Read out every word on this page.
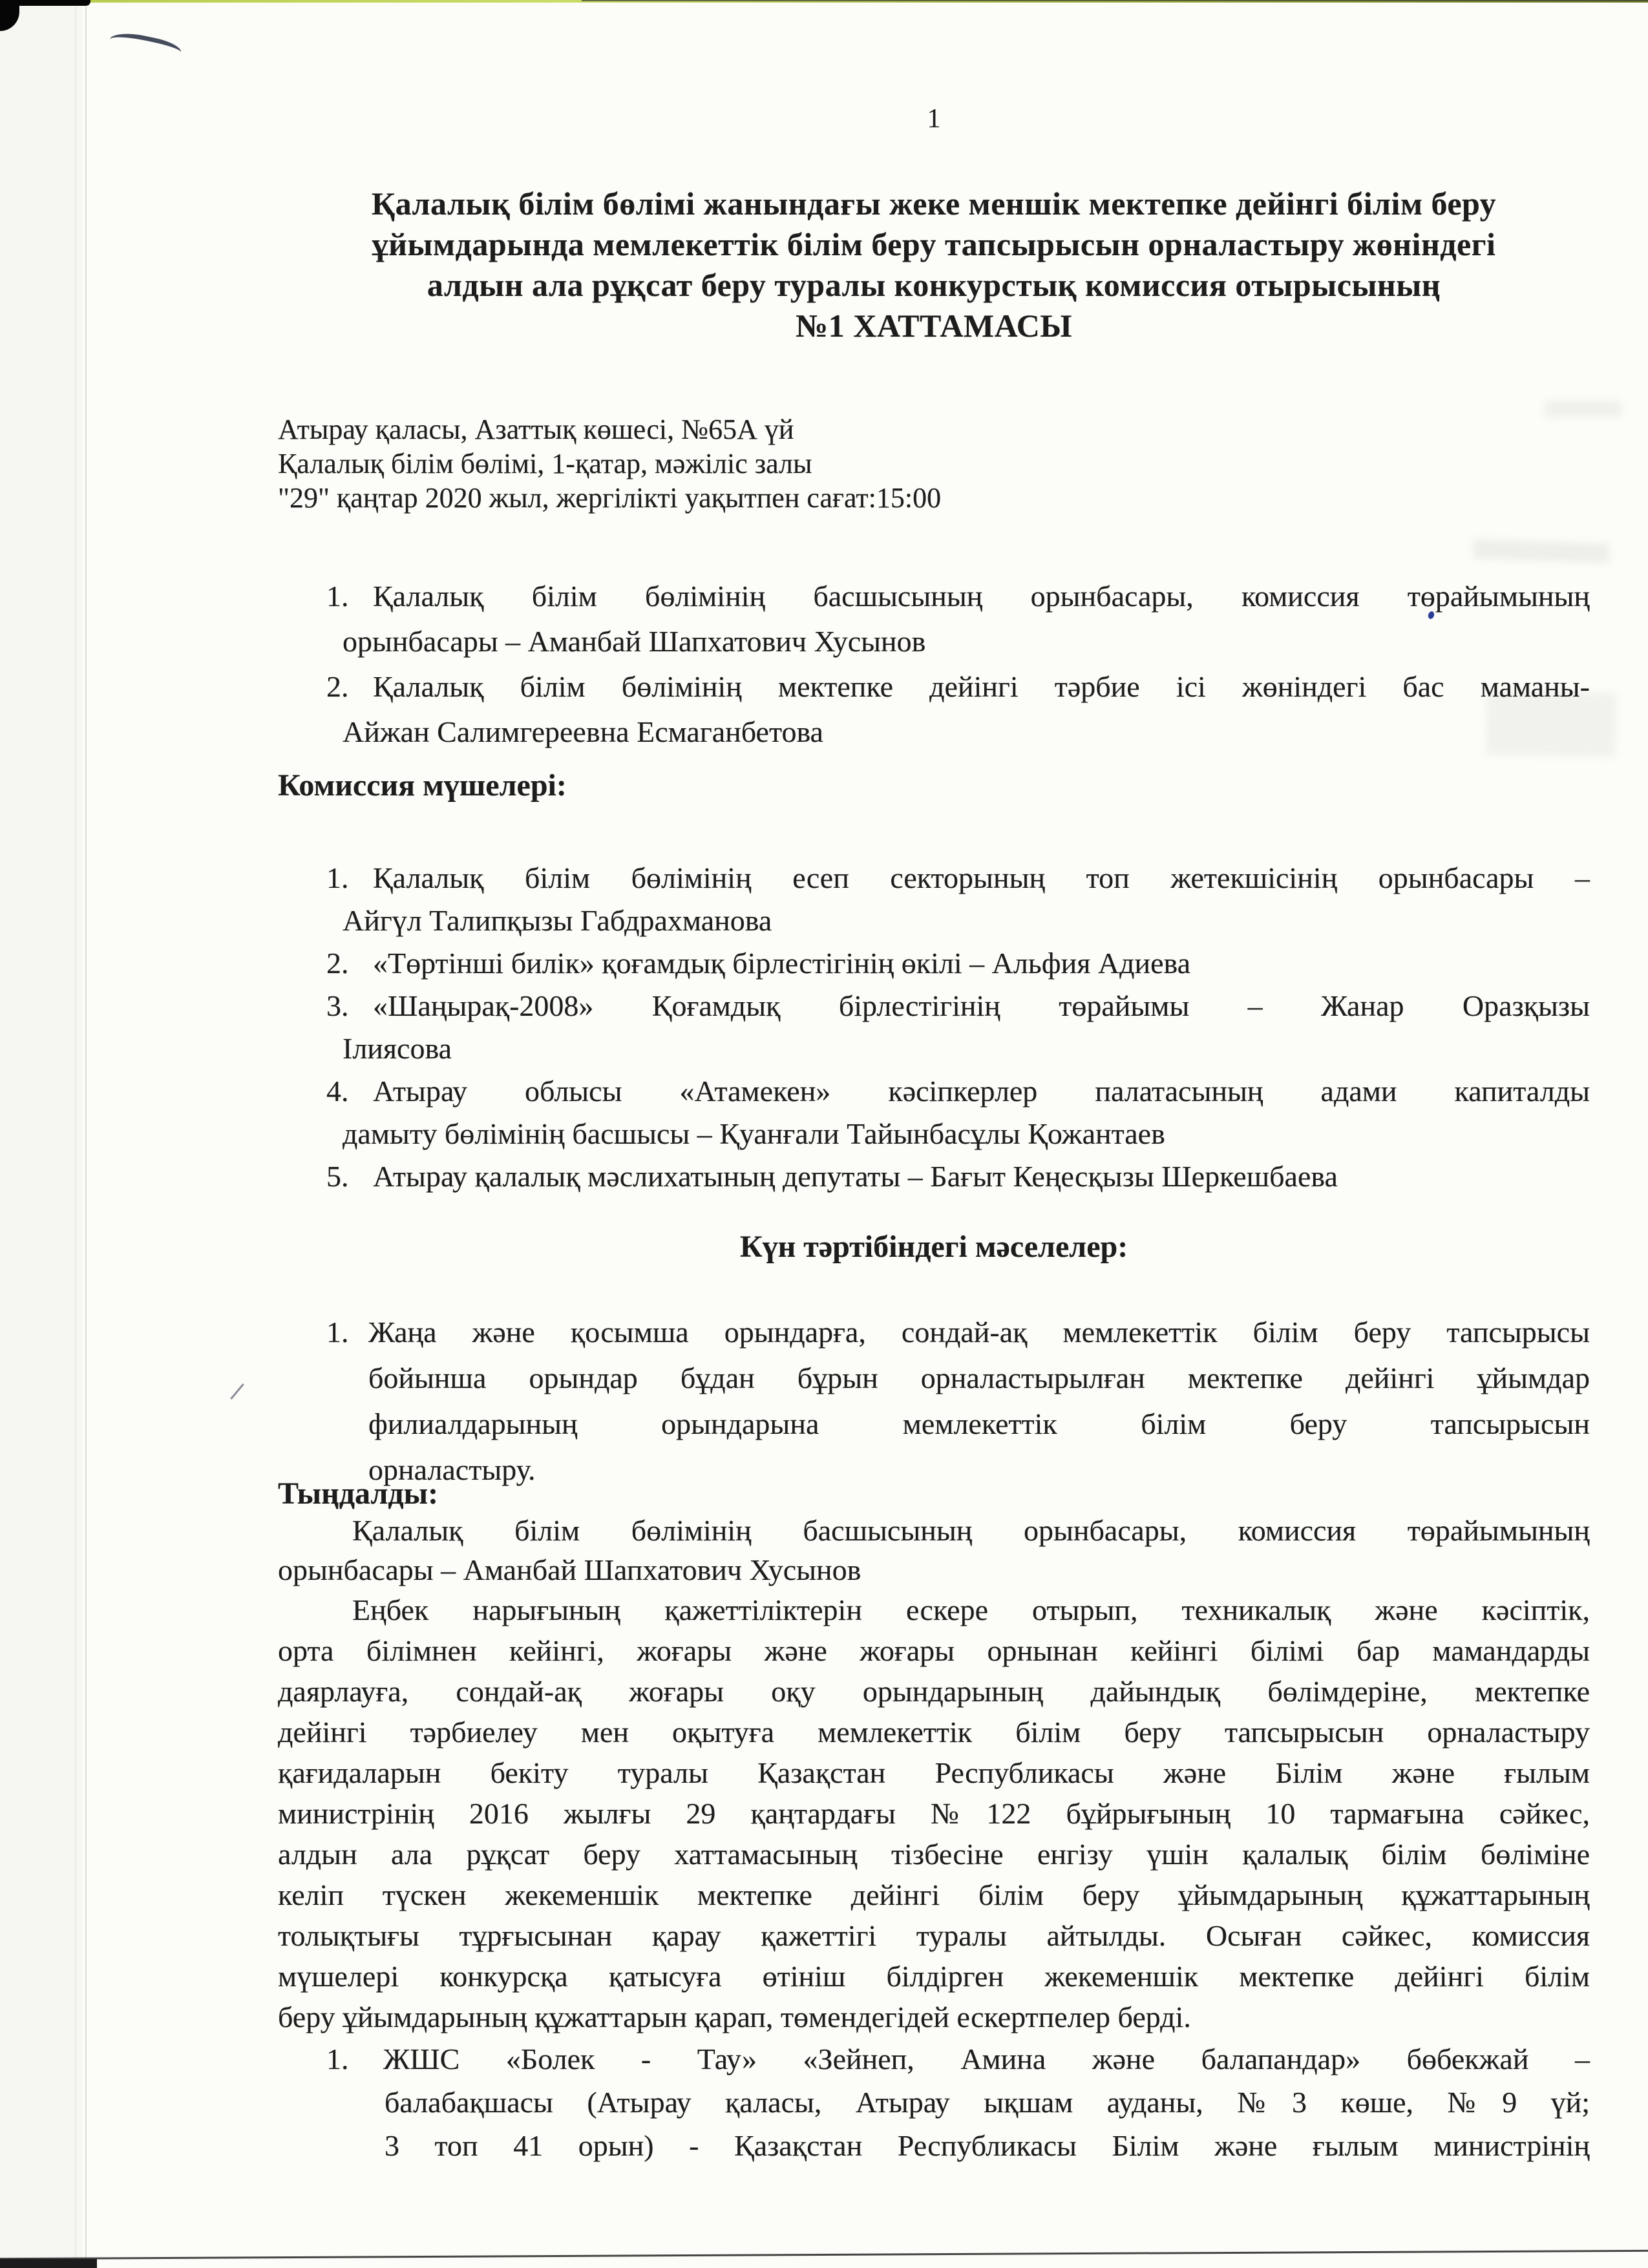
1
Қалалық білім бөлімі жанындағы жеке меншік мектепке дейінгі білім беру
ұйымдарында мемлекеттік білім беру тапсырысын орналастыру жөніндегі
алдын ала рұқсат беру туралы конкурстық комиссия отырысының
№1 ХАТТАМАСЫ
Атырау қаласы, Азаттық көшесі, №65А үй
Қалалық білім бөлімі, 1-қатар, мәжіліс залы
"29" қаңтар 2020 жыл, жергілікті уақытпен сағат:15:00
1. Қалалық білім бөлімінің басшысының орынбасары, комиссия төрайымының
орынбасары – Аманбай Шапхатович Хусынов
2. Қалалық білім бөлімінің мектепке дейінгі тәрбие ісі жөніндегі бас маманы-
Айжан Салимгереевна Есмаганбетова
Комиссия мүшелері:
1. Қалалық білім бөлімінің есеп секторының топ жетекшісінің орынбасары –
Айгүл Талипқызы Габдрахманова
2. «Төртінші билік» қоғамдық бірлестігінің өкілі – Альфия Адиева
3. «Шаңырақ-2008» Қоғамдық бірлестігінің төрайымы – Жанар Оразқызы
Ілиясова
4. Атырау облысы «Атамекен» кәсіпкерлер палатасының адами капиталды
дамыту бөлімінің басшысы – Қуанғали Тайынбасұлы Қожантаев
5. Атырау қалалық мәслихатының депутаты – Бағыт Кеңесқызы Шеркешбаева
Күн тәртібіндегі мәселелер:
1. Жаңа және қосымша орындарға, сондай-ақ мемлекеттік білім беру тапсырысы
бойынша орындар бұдан бұрын орналастырылған мектепке дейінгі ұйымдар
филиалдарының орындарына мемлекеттік білім беру тапсырысын
орналастыру.
Тыңдалды:
Қалалық білім бөлімінің басшысының орынбасары, комиссия төрайымының
орынбасары – Аманбай Шапхатович Хусынов
Еңбек нарығының қажеттіліктерін ескере отырып, техникалық және кәсіптік,
орта білімнен кейінгі, жоғары және жоғары орнынан кейінгі білімі бар мамандарды
даярлауға, сондай-ақ жоғары оқу орындарының дайындық бөлімдеріне, мектепке
дейінгі тәрбиелеу мен оқытуға мемлекеттік білім беру тапсырысын орналастыру
қағидаларын бекіту туралы Қазақстан Республикасы және Білім және ғылым
министрінің 2016 жылғы 29 қаңтардағы №122 бұйрығының 10 тармағына сәйкес,
алдын ала рұқсат беру хаттамасының тізбесіне енгізу үшін қалалық білім бөліміне
келіп түскен жекеменшік мектепке дейінгі білім беру ұйымдарының құжаттарының
толықтығы тұрғысынан қарау қажеттігі туралы айтылды. Осыған сәйкес, комиссия
мүшелері конкурсқа қатысуға өтініш білдірген жекеменшік мектепке дейінгі білім
беру ұйымдарының құжаттарын қарап, төмендегідей ескертпелер берді.
1. ЖШС «Болек - Тау» «Зейнеп, Амина және балапандар» бөбекжай –
балабақшасы (Атырау қаласы, Атырау ықшам ауданы, №3 көше, №9 үй;
3 топ 41 орын) - Қазақстан Республикасы Білім және ғылым министрінің
